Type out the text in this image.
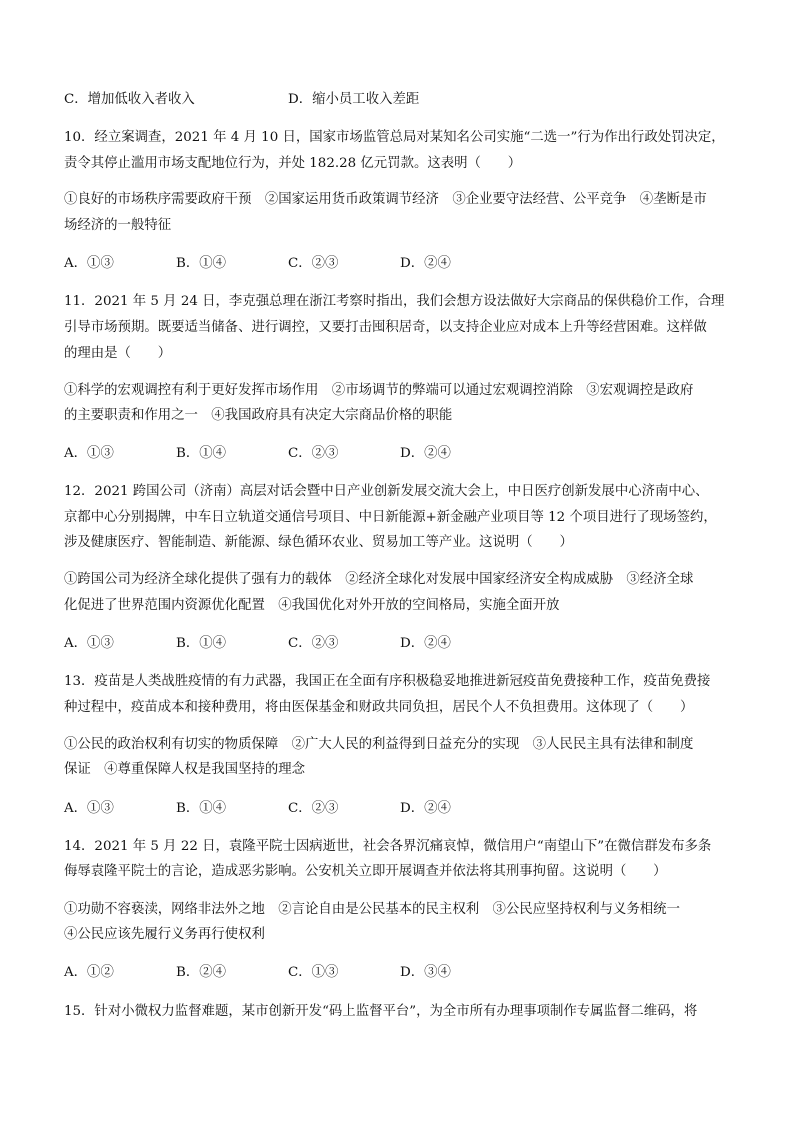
C．增加低收入者收入	D．缩小员工收入差距
10．经立案调查，2021 年 4 月 10 日，国家市场监管总局对某知名公司实施“二选一”行为作出行政处罚决定，
责令其停止滥用市场支配地位行为，并处 182.28 亿元罚款。这表明（　　）
①良好的市场秩序需要政府干预　②国家运用货币政策调节经济　③企业要守法经营、公平竞争　④垄断是市
场经济的一般特征
A．①③	B．①④	C．②③	D．②④
11．2021 年 5 月 24 日，李克强总理在浙江考察时指出，我们会想方设法做好大宗商品的保供稳价工作，合理
引导市场预期。既要适当储备、进行调控，又要打击囤积居奇，以支持企业应对成本上升等经营困难。这样做
的理由是（　　）
①科学的宏观调控有利于更好发挥市场作用　②市场调节的弊端可以通过宏观调控消除　③宏观调控是政府
的主要职责和作用之一　④我国政府具有决定大宗商品价格的职能
A．①③	B．①④	C．②③	D．②④
12．2021 跨国公司（济南）高层对话会暨中日产业创新发展交流大会上，中日医疗创新发展中心济南中心、
京都中心分别揭牌，中车日立轨道交通信号项目、中日新能源+新金融产业项目等 12 个项目进行了现场签约，
涉及健康医疗、智能制造、新能源、绿色循环农业、贸易加工等产业。这说明（　　）
①跨国公司为经济全球化提供了强有力的载体　②经济全球化对发展中国家经济安全构成威胁　③经济全球
化促进了世界范围内资源优化配置　④我国优化对外开放的空间格局，实施全面开放
A．①③	B．①④	C．②③	D．②④
13．疫苗是人类战胜疫情的有力武器，我国正在全面有序积极稳妥地推进新冠疫苗免费接种工作，疫苗免费接
种过程中，疫苗成本和接种费用，将由医保基金和财政共同负担，居民个人不负担费用。这体现了（　　）
①公民的政治权利有切实的物质保障　②广大人民的利益得到日益充分的实现　③人民民主具有法律和制度
保证　④尊重保障人权是我国坚持的理念
A．①③	B．①④	C．②③	D．②④
14．2021 年 5 月 22 日，袁隆平院士因病逝世，社会各界沉痛哀悼，微信用户“南望山下”在微信群发布多条
侮辱袁隆平院士的言论，造成恶劣影响。公安机关立即开展调查并依法将其刑事拘留。这说明（　　）
①功勋不容亵渎，网络非法外之地　②言论自由是公民基本的民主权利　③公民应坚持权利与义务相统一
④公民应该先履行义务再行使权利
A．①②	B．②④	C．①③	D．③④
15．针对小微权力监督难题，某市创新开发“码上监督平台”，为全市所有办理事项制作专属监督二维码，将
